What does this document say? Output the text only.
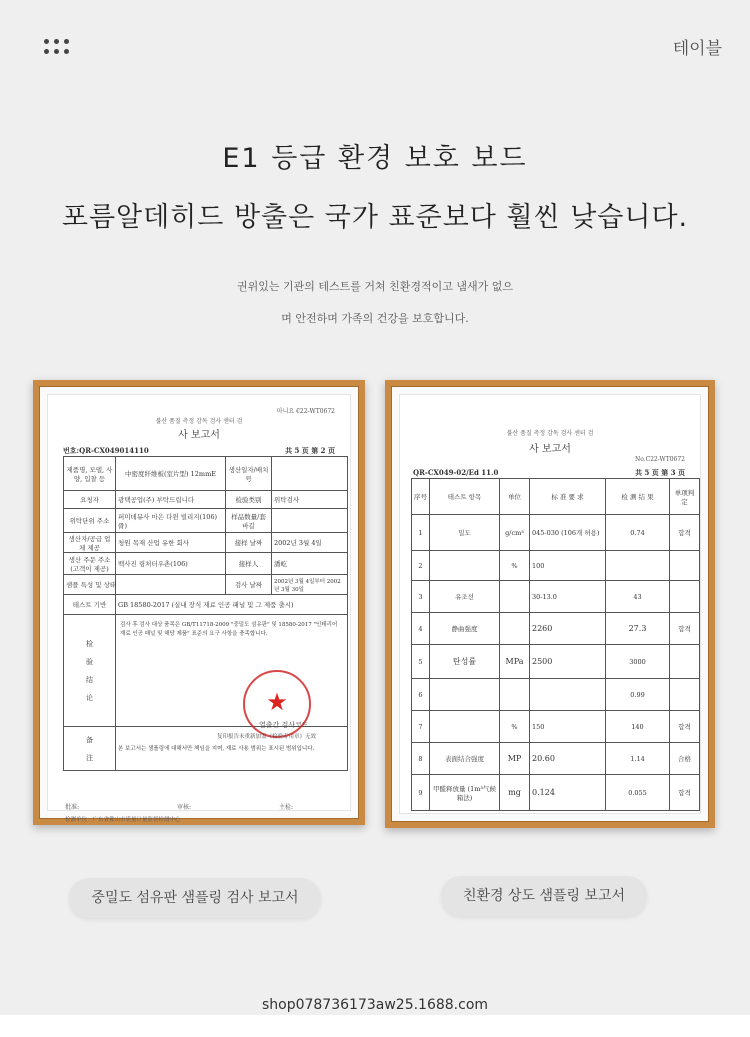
테이블
E1 등급 환경 보호 보드
포름알데히드 방출은 국가 표준보다 훨씬 낮습니다.
권위있는 기관의 테스트를 거쳐 친환경적이고 냄새가 없으
며 안전하며 가족의 건강을 보호합니다.
마니요 €22-WT0672
불산 품질 측정 감독 검사 센터 검
사 보고서
번호:QR-CX049014110	共 5 页 第 2 页
제품명, 모델, 사양, 입찰 등	中密度纤维板(室片型) 12mmE	생산일자/배치号	
요청자	광택공업(주) 부탁드립니다	检验类别	위탁검사
위탁단위 주소	퍼미데뮤사 마은 다윈 빌리지(106) 骨)	样品数量/套 바길	
생산자/공급 업체 제공	청원 목재 산업 유한 회사	接样 날짜	2002년 3월 4일
생산 주문 주소(고객이 제공)	백사진 링처터우촌(106)	接样人	潘屹
샘플 특성 및 상태		검사 날짜	2002년 3월 4일부터 2002년 3월 30일
테스트 기반	GB 18580-2017 (실내 장식 재료 인공 패널 및 그 제품 출시)		

检
验
结
论	검사 후 검사 대상 품목은 GB/T11718-2009 "중밀도 섬유판" 및 18580-2017 "인테리어 재료 인공 패널 및 해당 제품" 표준의 요구 사항을 충족합니다.		

备
注	본 보고서는 샘플링에 대해서만 책임을 지며, 재료 사용 범위는 표시된 범위입니다.		
★
열출간 검사코드
复印报告未重新加盖《检验专用章》无效
批准:	审核:	主检:
检测单位：广东省佛山市质量计量监督检测中心
불산 품질 측정 감독 검사 센터 검
사 보고서
No.C22-WT0672
QR-CX049-02/Ed 11.0	共 5 页 第 3 页
序号	테스트 항목	单位	标 准 要 求	检 测 结 果	单项判定
1	밀도	g/cm³	045-030 (106개 허용)	0.74	합격
2		%	100		
3	유조선		30-13.0	43	
4	静曲强度		2260	27.3	합격
5	탄성률	MPa	2500	3000	
6				0.99	
7		%	150	140	합격
8	表面结合强度	MP	20.60	1.14	合格
9	甲醛释放量 (1m³气候箱法)	mg	0.124	0.055	합격
중밀도 섬유판 샘플링 검사 보고서	친환경 상도 샘플링 보고서
shop078736173aw25.1688.com
